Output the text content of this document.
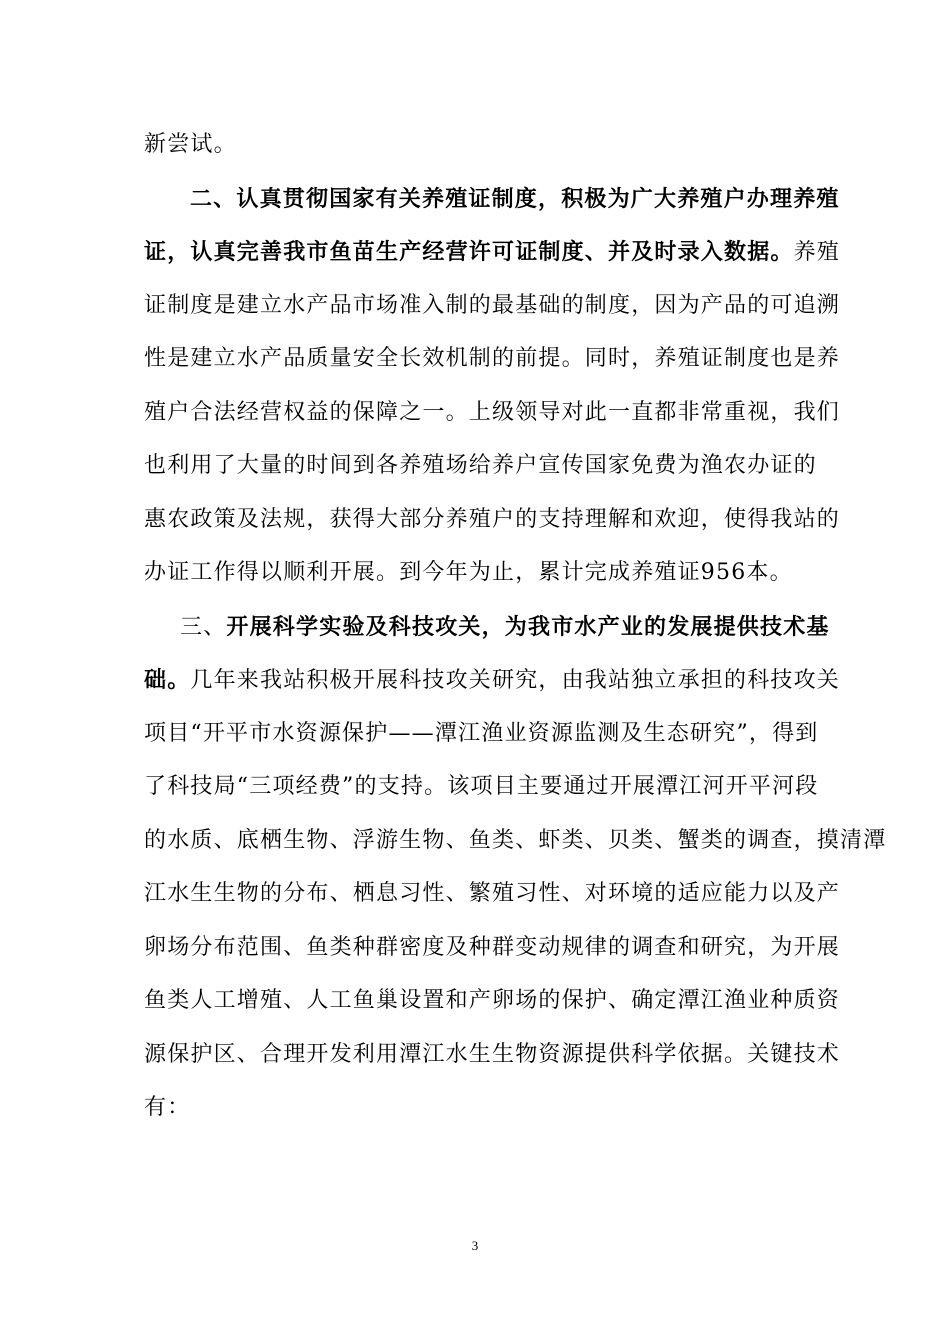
新尝试。
二、认真贯彻国家有关养殖证制度，积极为广大养殖户办理养殖
证，认真完善我市鱼苗生产经营许可证制度、并及时录入数据。养殖
证制度是建立水产品市场准入制的最基础的制度，因为产品的可追溯
性是建立水产品质量安全长效机制的前提。同时，养殖证制度也是养
殖户合法经营权益的保障之一。上级领导对此一直都非常重视，我们
也利用了大量的时间到各养殖场给养户宣传国家免费为渔农办证的
惠农政策及法规，获得大部分养殖户的支持理解和欢迎，使得我站的
办证工作得以顺利开展。到今年为止，累计完成养殖证956本。
三、开展科学实验及科技攻关，为我市水产业的发展提供技术基
础。几年来我站积极开展科技攻关研究，由我站独立承担的科技攻关
项目“开平市水资源保护——潭江渔业资源监测及生态研究”，得到
了科技局“三项经费”的支持。该项目主要通过开展潭江河开平河段
的水质、底栖生物、浮游生物、鱼类、虾类、贝类、蟹类的调查，摸清潭
江水生生物的分布、栖息习性、繁殖习性、对环境的适应能力以及产
卵场分布范围、鱼类种群密度及种群变动规律的调查和研究，为开展
鱼类人工增殖、人工鱼巢设置和产卵场的保护、确定潭江渔业种质资
源保护区、合理开发利用潭江水生生物资源提供科学依据。关键技术
有：
3
